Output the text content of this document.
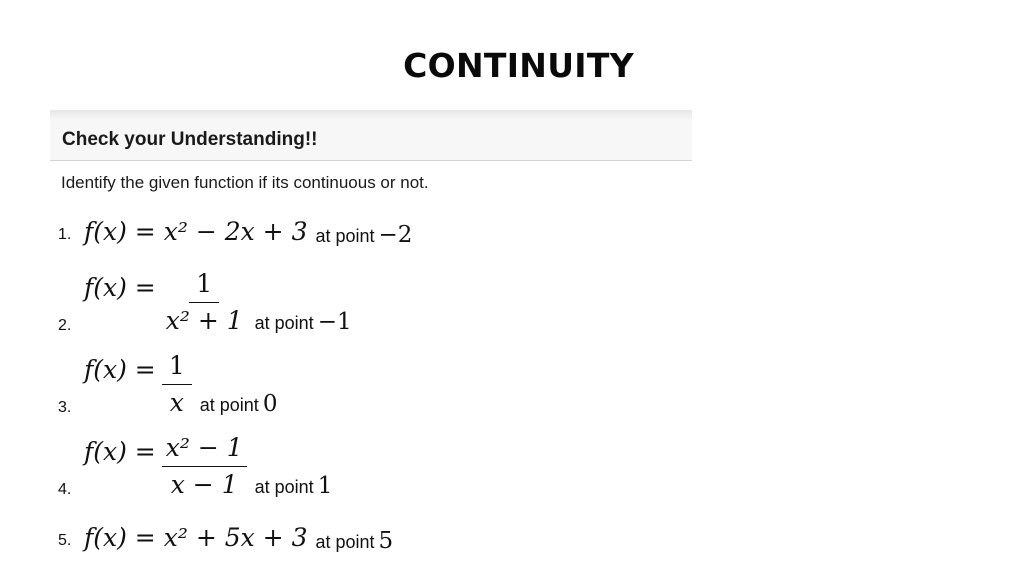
CONTINUITY
Check your Understanding!!
Identify the given function if its continuous or not.
1. f(x) = x² − 2x + 3 at point −2
2.
$f(x) = \frac{1}{\text{x² + 1}}$ at point −1
3.
$f(x) = \frac{1}{x}$ at point 0
4.
$f(x) = \frac{\text{x² − 1}}{x - 1}$ at point 1
5. f(x) = x² + 5x + 3 at point 5
